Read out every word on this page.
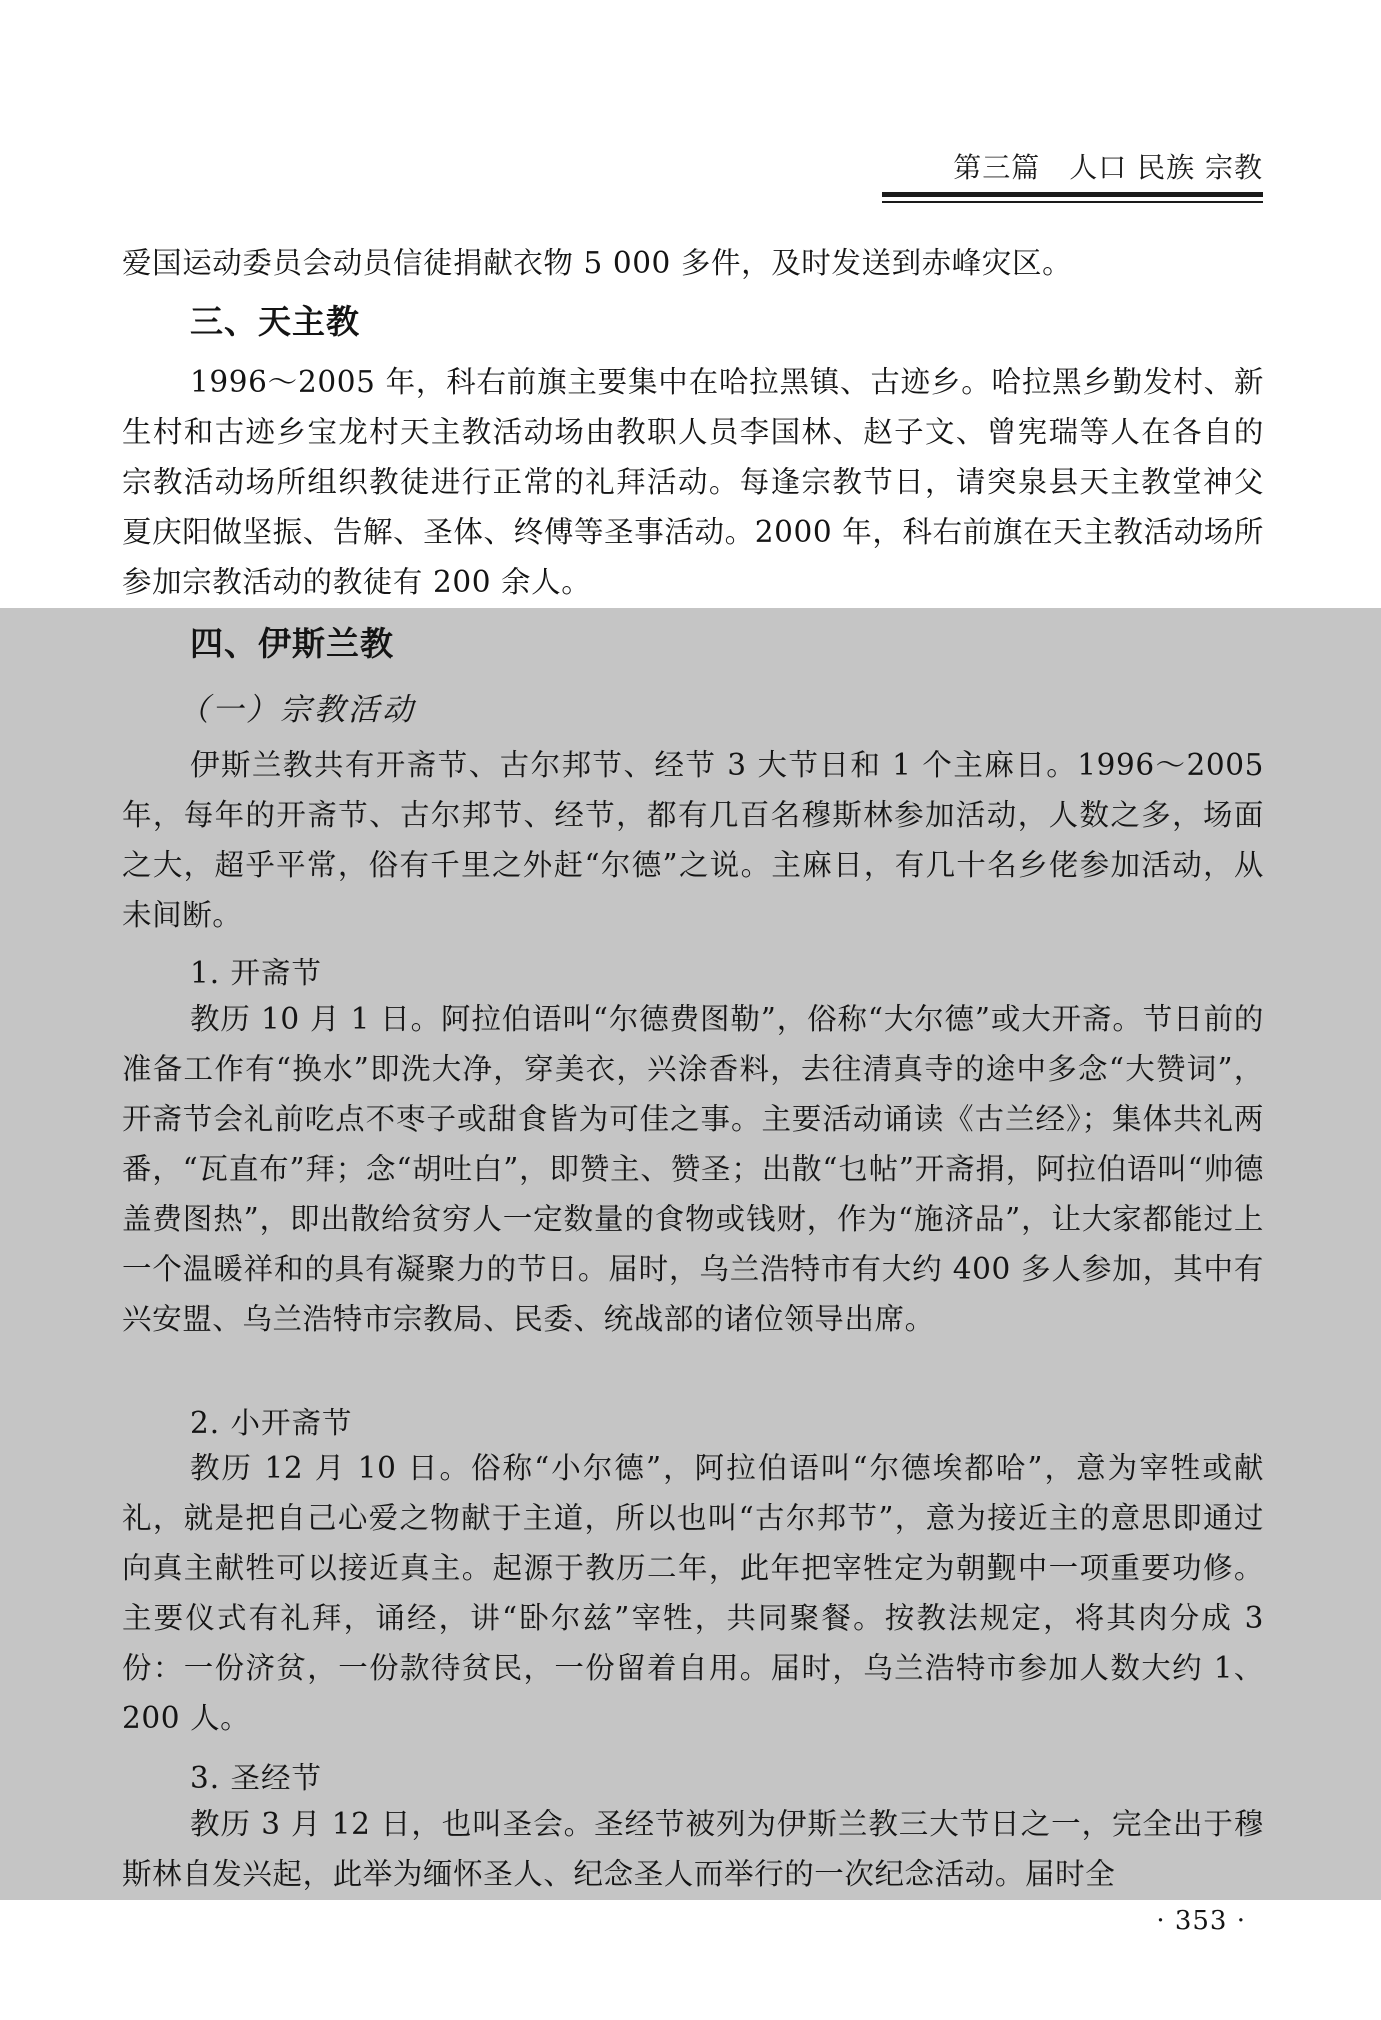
第三篇　人口 民族 宗教

爱国运动委员会动员信徒捐献衣物 5 000 多件，及时发送到赤峰灾区。

三、天主教

1996～2005 年，科右前旗主要集中在哈拉黑镇、古迹乡。哈拉黑乡勤发村、新生村和古迹乡宝龙村天主教活动场由教职人员李国林、赵子文、曾宪瑞等人在各自的宗教活动场所组织教徒进行正常的礼拜活动。每逢宗教节日，请突泉县天主教堂神父夏庆阳做坚振、告解、圣体、终傅等圣事活动。2000 年，科右前旗在天主教活动场所参加宗教活动的教徒有 200 余人。

四、伊斯兰教
（一）宗教活动

伊斯兰教共有开斋节、古尔邦节、经节 3 大节日和 1 个主麻日。1996～2005 年，每年的开斋节、古尔邦节、经节，都有几百名穆斯林参加活动，人数之多，场面之大，超乎平常，俗有千里之外赶“尔德”之说。主麻日，有几十名乡佬参加活动，从未间断。

1. 开斋节

教历 10 月 1 日。阿拉伯语叫“尔德费图勒”，俗称“大尔德”或大开斋。节日前的准备工作有“换水”即洗大净，穿美衣，兴涂香料，去往清真寺的途中多念“大赞词”，开斋节会礼前吃点不枣子或甜食皆为可佳之事。主要活动诵读《古兰经》；集体共礼两番，“瓦直布”拜；念“胡吐白”，即赞主、赞圣；出散“乜帖”开斋捐，阿拉伯语叫“帅德盖费图热”，即出散给贫穷人一定数量的食物或钱财，作为“施济品”，让大家都能过上一个温暖祥和的具有凝聚力的节日。届时，乌兰浩特市有大约 400 多人参加，其中有兴安盟、乌兰浩特市宗教局、民委、统战部的诸位领导出席。

2. 小开斋节

教历 12 月 10 日。俗称“小尔德”，阿拉伯语叫“尔德埃都哈”，意为宰牲或献礼，就是把自己心爱之物献于主道，所以也叫“古尔邦节”，意为接近主的意思即通过向真主献牲可以接近真主。起源于教历二年，此年把宰牲定为朝觐中一项重要功修。主要仪式有礼拜，诵经，讲“卧尔兹”宰牲，共同聚餐。按教法规定，将其肉分成 3 份：一份济贫，一份款待贫民，一份留着自用。届时，乌兰浩特市参加人数大约 1、200 人。

3. 圣经节

教历 3 月 12 日，也叫圣会。圣经节被列为伊斯兰教三大节日之一，完全出于穆斯林自发兴起，此举为缅怀圣人、纪念圣人而举行的一次纪念活动。届时全

· 353 ·
